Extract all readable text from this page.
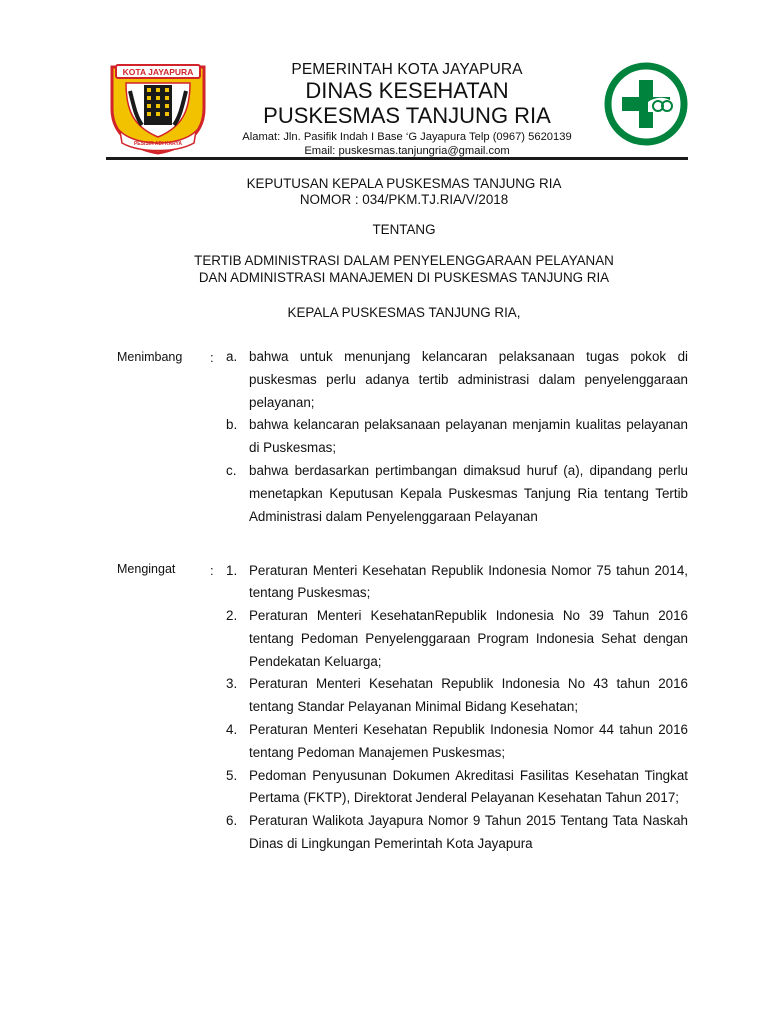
KOTA JAYAPURA
PESISIR ADI KARYA
PEMERINTAH KOTA JAYAPURA
DINAS KESEHATAN
PUSKESMAS TANJUNG RIA
Alamat: Jln. Pasifik Indah I Base ‘G Jayapura Telp (0967) 5620139
Email: puskesmas.tanjungria@gmail.com
KEPUTUSAN KEPALA PUSKESMAS TANJUNG RIA
NOMOR : 034/PKM.TJ.RIA/V/2018
TENTANG
TERTIB ADMINISTRASI DALAM PENYELENGGARAAN PELAYANAN
DAN ADMINISTRASI MANAJEMEN DI PUSKESMAS TANJUNG RIA
KEPALA PUSKESMAS TANJUNG RIA,
Menimbang : a. bahwa untuk menunjang kelancaran pelaksanaan tugas pokok di puskesmas perlu adanya tertib administrasi dalam penyelenggaraan pelayanan;
b. bahwa kelancaran pelaksanaan pelayanan menjamin kualitas pelayanan di Puskesmas;
c. bahwa berdasarkan pertimbangan dimaksud huruf (a), dipandang perlu menetapkan Keputusan Kepala Puskesmas Tanjung Ria tentang Tertib Administrasi dalam Penyelenggaraan Pelayanan
Mengingat	: 1. Peraturan Menteri Kesehatan Republik Indonesia Nomor 75 tahun 2014, tentang Puskesmas;
2. Peraturan Menteri KesehatanRepublik Indonesia No 39 Tahun 2016 tentang Pedoman Penyelenggaraan Program Indonesia Sehat dengan Pendekatan Keluarga;
3. Peraturan Menteri Kesehatan Republik Indonesia No 43 tahun 2016 tentang Standar Pelayanan Minimal Bidang Kesehatan;
4. Peraturan Menteri Kesehatan Republik Indonesia Nomor 44 tahun 2016 tentang Pedoman Manajemen Puskesmas;
5. Pedoman Penyusunan Dokumen Akreditasi Fasilitas Kesehatan Tingkat Pertama (FKTP), Direktorat Jenderal Pelayanan Kesehatan Tahun 2017;
6. Peraturan Walikota Jayapura Nomor 9 Tahun 2015 Tentang Tata Naskah Dinas di Lingkungan Pemerintah Kota Jayapura
